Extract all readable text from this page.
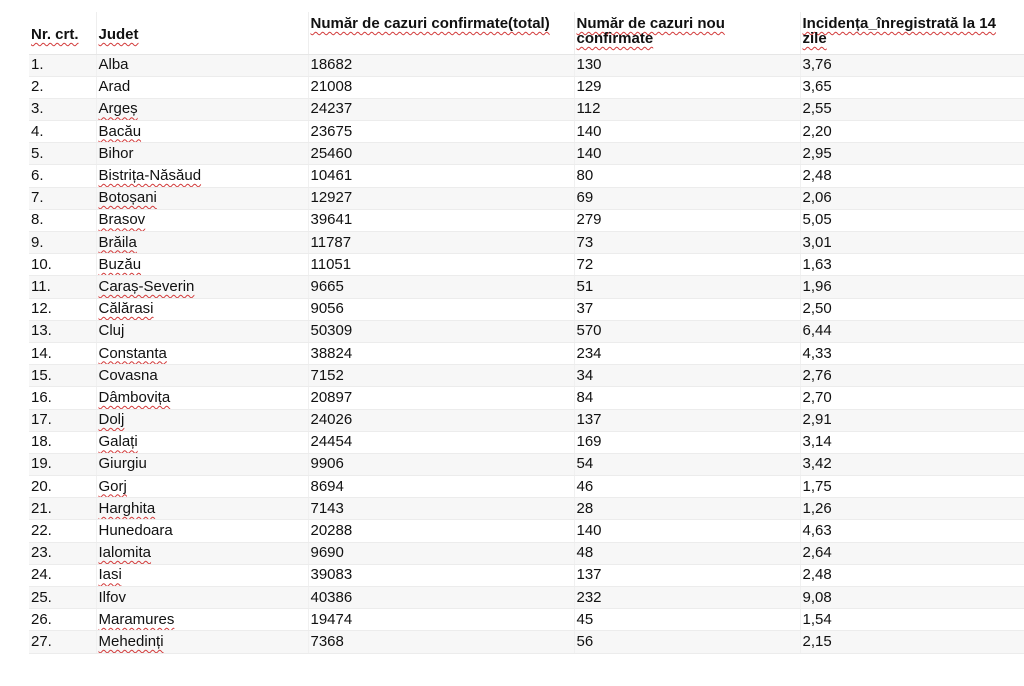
Nr. crt.	Judet	Număr de cazuri confirmate(total)	Număr de cazuri nou confirmate	Incidența_înregistrată la 14 zile
1.	Alba	18682	130	3,76
2.	Arad	21008	129	3,65
3.	Argeș	24237	112	2,55
4.	Bacău	23675	140	2,20
5.	Bihor	25460	140	2,95
6.	Bistrița-Năsăud	10461	80	2,48
7.	Botoșani	12927	69	2,06
8.	Brasov	39641	279	5,05
9.	Brăila	11787	73	3,01
10.	Buzău	11051	72	1,63
11.	Caraș-Severin	9665	51	1,96
12.	Călărasi	9056	37	2,50
13.	Cluj	50309	570	6,44
14.	Constanta	38824	234	4,33
15.	Covasna	7152	34	2,76
16.	Dâmbovița	20897	84	2,70
17.	Dolj	24026	137	2,91
18.	Galați	24454	169	3,14
19.	Giurgiu	9906	54	3,42
20.	Gorj	8694	46	1,75
21.	Harghita	7143	28	1,26
22.	Hunedoara	20288	140	4,63
23.	Ialomita	9690	48	2,64
24.	Iasi	39083	137	2,48
25.	Ilfov	40386	232	9,08
26.	Maramures	19474	45	1,54
27.	Mehedinți	7368	56	2,15
